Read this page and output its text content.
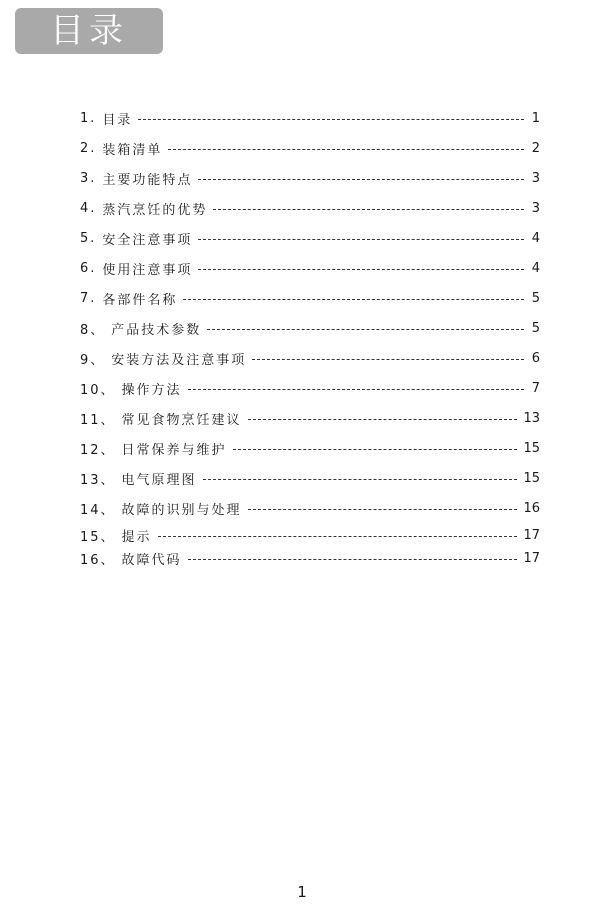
目录
1. 目录	1
2. 装箱清单	2
3. 主要功能特点	3
4. 蒸汽烹饪的优势	3
5. 安全注意事项	4
6. 使用注意事项	4
7. 各部件名称	5
8、 产品技术参数	5
9、 安装方法及注意事项	6
10、 操作方法	7
11、 常见食物烹饪建议	13
12、 日常保养与维护	15
13、 电气原理图	15
14、 故障的识别与处理	16
15、 提示	17
16、 故障代码	17
1
